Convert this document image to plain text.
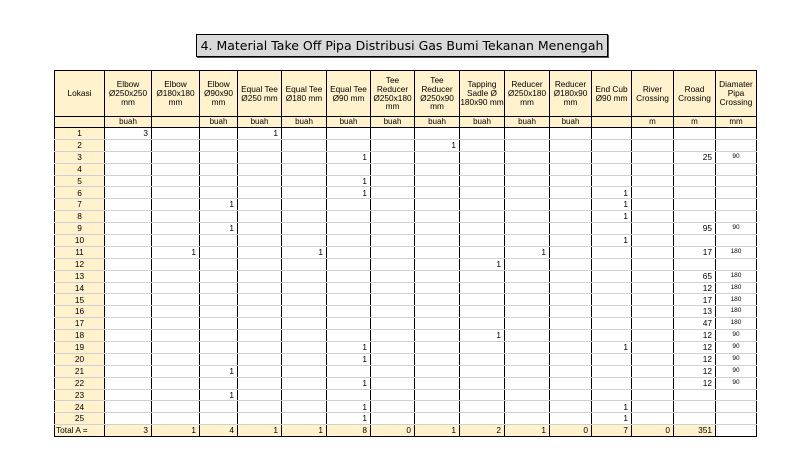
4. Material Take Off Pipa Distribusi Gas Bumi Tekanan Menengah
Lokasi	Elbow Ø250x250 mm	Elbow Ø180x180 mm	Elbow Ø90x90 mm	Equal Tee Ø250 mm	Equal Tee Ø180 mm	Equal Tee Ø90 mm	Tee Reducer Ø250x180 mm	Tee Reducer Ø250x90 mm	Tapping Sadle Ø 180x90 mm	Reducer Ø250x180 mm	Reducer Ø180x90 mm	End Cub Ø90 mm	River Crossing	Road Crossing	Diamater Pipa Crossing
	buah		buah	buah	buah	buah	buah	buah	buah	buah	buah		m	m	mm
1	3			1											
2								1							
3						1								25	90
4															
5						1									
6						1						1			
7			1									1			
8												1			
9			1											95	90
10												1			
11		1			1					1				17	180
12									1						
13														65	180
14														12	180
15														17	180
16														13	180
17														47	180
18									1					12	90
19						1						1		12	90
20						1								12	90
21			1											12	90
22						1								12	90
23			1												
24						1						1			
25						1						1			
Total A =	3	1	4	1	1	8	0	1	2	1	0	7	0	351	
